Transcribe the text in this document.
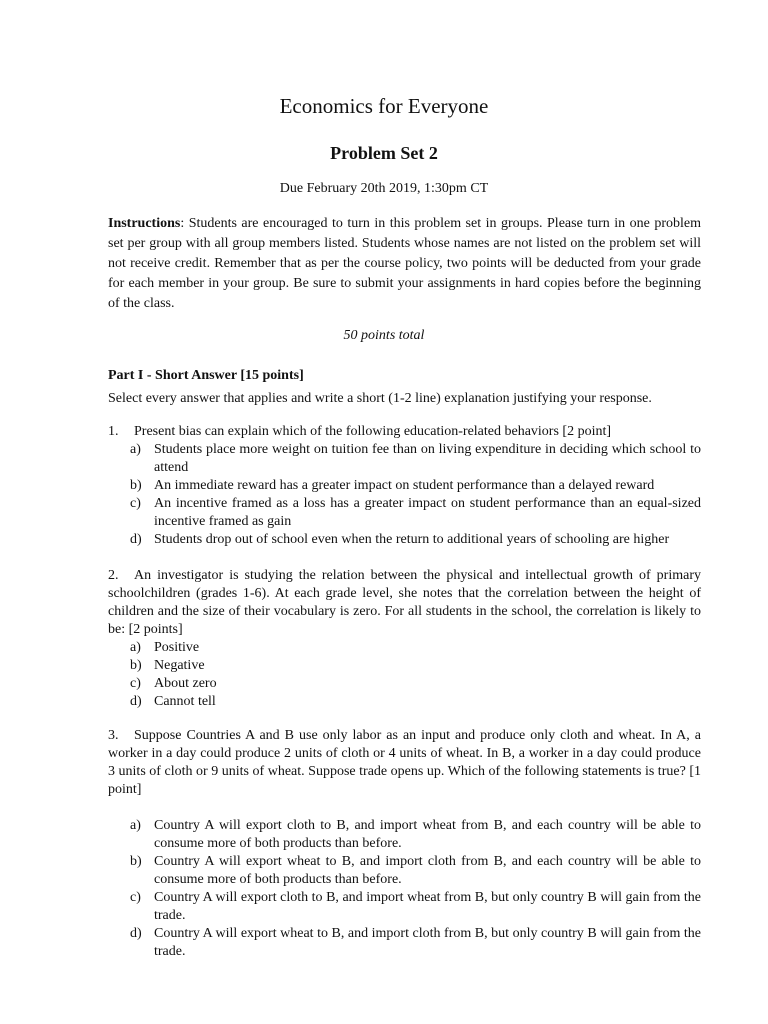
Economics for Everyone
Problem Set 2
Due February 20th 2019, 1:30pm CT

Instructions: Students are encouraged to turn in this problem set in groups. Please turn in one problem set per group with all group members listed. Students whose names are not listed on the problem set will not receive credit. Remember that as per the course policy, two points will be deducted from your grade for each member in your group. Be sure to submit your assignments in hard copies before the beginning of the class.

50 points total
Part I - Short Answer [15 points]
Select every answer that applies and write a short (1-2 line) explanation justifying your response.

1. Present bias can explain which of the following education-related behaviors [2 point]

a) Students place more weight on tuition fee than on living expenditure in deciding which school to attend
b) An immediate reward has a greater impact on student performance than a delayed reward
c) An incentive framed as a loss has a greater impact on student performance than an equal-sized incentive framed as gain
d) Students drop out of school even when the return to additional years of schooling are higher

2. An investigator is studying the relation between the physical and intellectual growth of primary schoolchildren (grades 1-6). At each grade level, she notes that the correlation between the height of children and the size of their vocabulary is zero. For all students in the school, the correlation is likely to be: [2 points]

a) Positive
b) Negative
c) About zero
d) Cannot tell

3. Suppose Countries A and B use only labor as an input and produce only cloth and wheat. In A, a worker in a day could produce 2 units of cloth or 4 units of wheat. In B, a worker in a day could produce 3 units of cloth or 9 units of wheat. Suppose trade opens up. Which of the following statements is true? [1 point]

a) Country A will export cloth to B, and import wheat from B, and each country will be able to consume more of both products than before.
b) Country A will export wheat to B, and import cloth from B, and each country will be able to consume more of both products than before.
c) Country A will export cloth to B, and import wheat from B, but only country B will gain from the trade.
d) Country A will export wheat to B, and import cloth from B, but only country B will gain from the trade.
